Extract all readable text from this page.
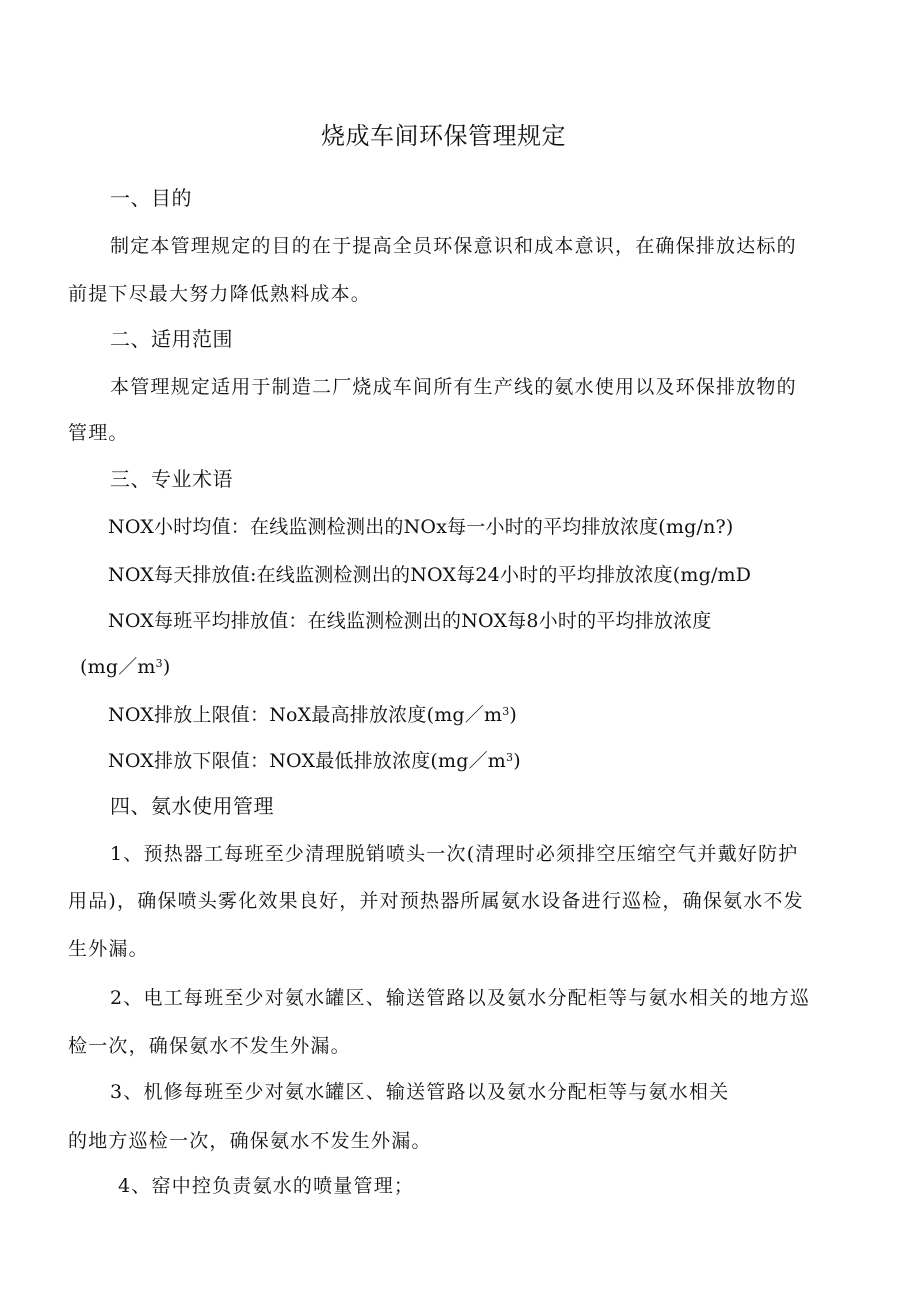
烧成车间环保管理规定
一、目的
制定本管理规定的目的在于提高全员环保意识和成本意识，在确保排放达标的
前提下尽最大努力降低熟料成本。
二、适用范围
本管理规定适用于制造二厂烧成车间所有生产线的氨水使用以及环保排放物的
管理。
三、专业术语
NOX小时均值：在线监测检测出的NOx每一小时的平均排放浓度(mg/n?)
NOX每天排放值:在线监测检测出的NOX每24小时的平均排放浓度(mg/mD
NOX每班平均排放值：在线监测检测出的NOX每8小时的平均排放浓度
$(mg/m^3)$
NOX排放上限值：NoX最高排放浓度$(mg/m^3)$
NOX排放下限值：NOX最低排放浓度$(mg/m^3)$
四、氨水使用管理
1、预热器工每班至少清理脱销喷头一次(清理时必须排空压缩空气并戴好防护
用品)，确保喷头雾化效果良好，并对预热器所属氨水设备进行巡检，确保氨水不发
生外漏。
2、电工每班至少对氨水罐区、输送管路以及氨水分配柜等与氨水相关的地方巡
检一次，确保氨水不发生外漏。
3、机修每班至少对氨水罐区、输送管路以及氨水分配柜等与氨水相关
的地方巡检一次，确保氨水不发生外漏。
4、窑中控负责氨水的喷量管理；
